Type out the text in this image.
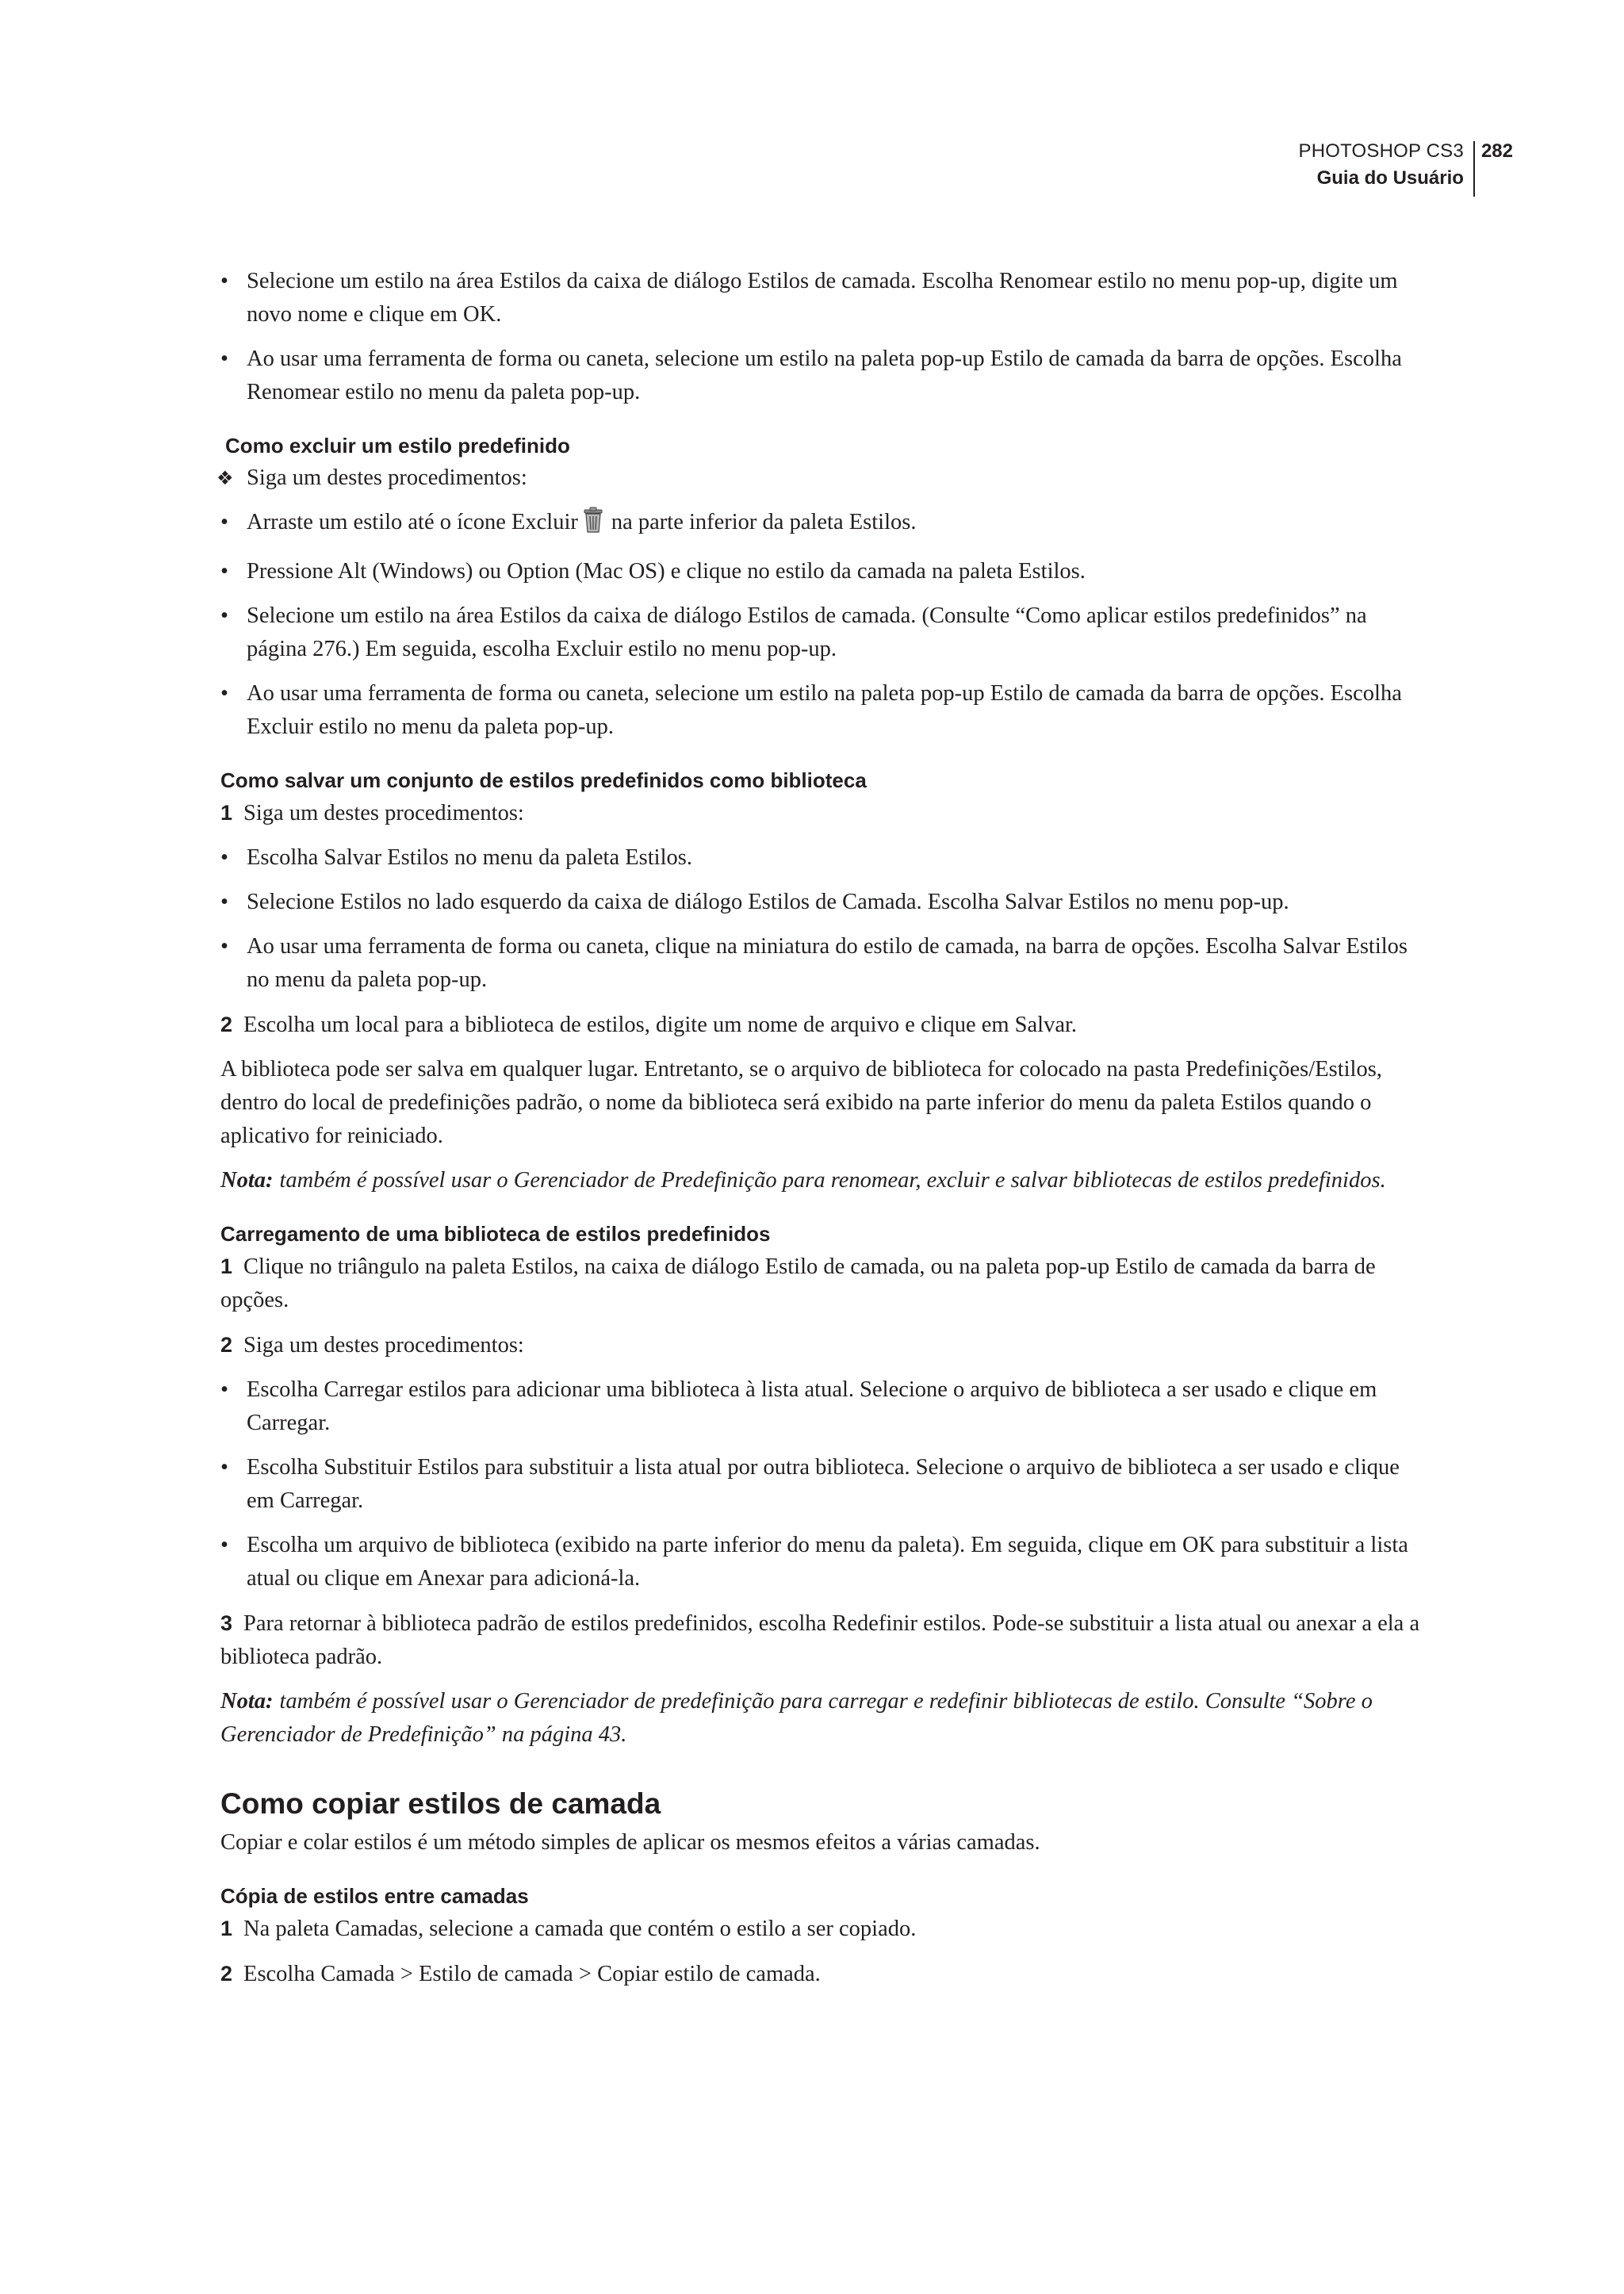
PHOTOSHOP CS3
Guia do Usuário
282
• Selecione um estilo na área Estilos da caixa de diálogo Estilos de camada. Escolha Renomear estilo no menu pop-up, digite um novo nome e clique em OK.
• Ao usar uma ferramenta de forma ou caneta, selecione um estilo na paleta pop-up Estilo de camada da barra de opções. Escolha Renomear estilo no menu da paleta pop-up.
Como excluir um estilo predefinido
❖ Siga um destes procedimentos:
• Arraste um estilo até o ícone Excluir na parte inferior da paleta Estilos.
• Pressione Alt (Windows) ou Option (Mac OS) e clique no estilo da camada na paleta Estilos.
• Selecione um estilo na área Estilos da caixa de diálogo Estilos de camada. (Consulte “Como aplicar estilos predefinidos” na página 276.) Em seguida, escolha Excluir estilo no menu pop-up.
• Ao usar uma ferramenta de forma ou caneta, selecione um estilo na paleta pop-up Estilo de camada da barra de opções. Escolha Excluir estilo no menu da paleta pop-up.
Como salvar um conjunto de estilos predefinidos como biblioteca
1 Siga um destes procedimentos:
• Escolha Salvar Estilos no menu da paleta Estilos.
• Selecione Estilos no lado esquerdo da caixa de diálogo Estilos de Camada. Escolha Salvar Estilos no menu pop-up.
• Ao usar uma ferramenta de forma ou caneta, clique na miniatura do estilo de camada, na barra de opções. Escolha Salvar Estilos no menu da paleta pop-up.
2 Escolha um local para a biblioteca de estilos, digite um nome de arquivo e clique em Salvar.
A biblioteca pode ser salva em qualquer lugar. Entretanto, se o arquivo de biblioteca for colocado na pasta Predefinições/Estilos, dentro do local de predefinições padrão, o nome da biblioteca será exibido na parte inferior do menu da paleta Estilos quando o aplicativo for reiniciado.
Nota: também é possível usar o Gerenciador de Predefinição para renomear, excluir e salvar bibliotecas de estilos predefinidos.
Carregamento de uma biblioteca de estilos predefinidos
1 Clique no triângulo na paleta Estilos, na caixa de diálogo Estilo de camada, ou na paleta pop-up Estilo de camada da barra de opções.
2 Siga um destes procedimentos:
• Escolha Carregar estilos para adicionar uma biblioteca à lista atual. Selecione o arquivo de biblioteca a ser usado e clique em Carregar.
• Escolha Substituir Estilos para substituir a lista atual por outra biblioteca. Selecione o arquivo de biblioteca a ser usado e clique em Carregar.
• Escolha um arquivo de biblioteca (exibido na parte inferior do menu da paleta). Em seguida, clique em OK para substituir a lista atual ou clique em Anexar para adicioná-la.
3 Para retornar à biblioteca padrão de estilos predefinidos, escolha Redefinir estilos. Pode-se substituir a lista atual ou anexar a ela a biblioteca padrão.
Nota: também é possível usar o Gerenciador de predefinição para carregar e redefinir bibliotecas de estilo. Consulte “Sobre o Gerenciador de Predefinição” na página 43.
Como copiar estilos de camada
Copiar e colar estilos é um método simples de aplicar os mesmos efeitos a várias camadas.
Cópia de estilos entre camadas
1 Na paleta Camadas, selecione a camada que contém o estilo a ser copiado.
2 Escolha Camada > Estilo de camada > Copiar estilo de camada.
